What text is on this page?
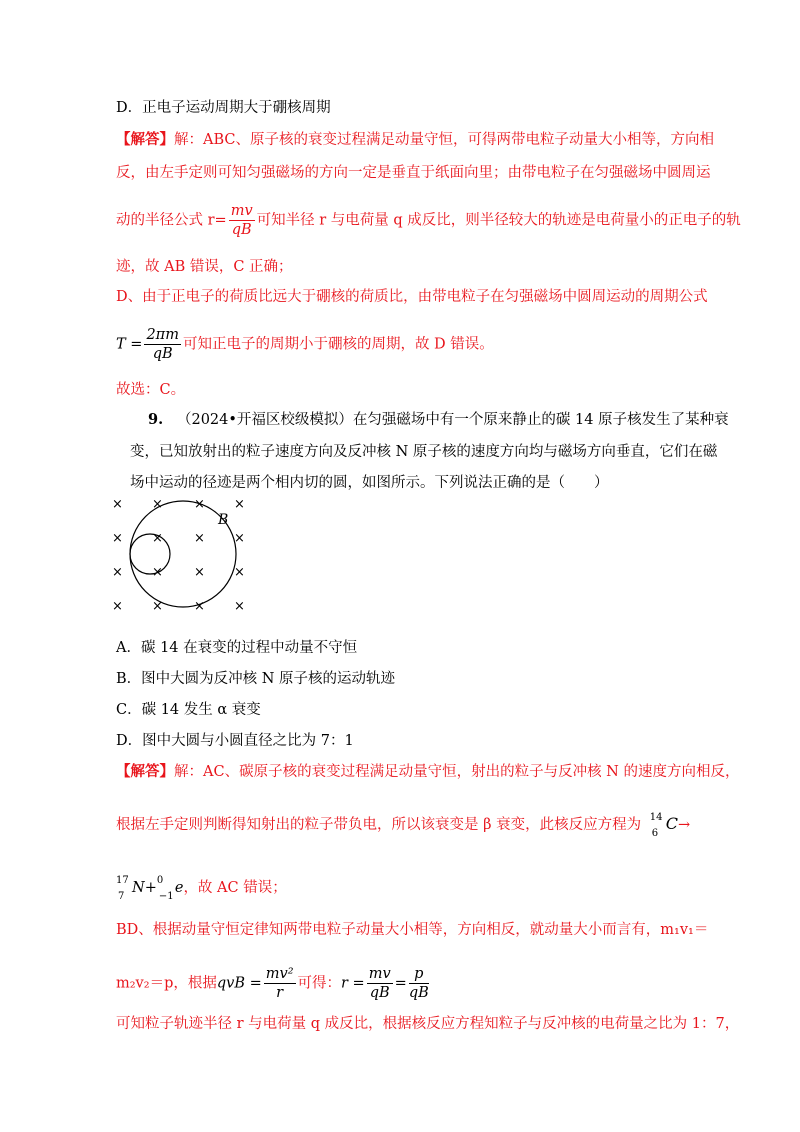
D．正电子运动周期大于硼核周期
【解答】解：ABC、原子核的衰变过程满足动量守恒，可得两带电粒子动量大小相等，方向相
反，由左手定则可知匀强磁场的方向一定是垂直于纸面向里；由带电粒子在匀强磁场中圆周运
动的半径公式 $r= \frac{mv}{qB}$ 可知半径 r 与电荷量 q 成反比，则半径较大的轨迹是电荷量小的正电子的轨
迹，故 AB 错误，C 正确；
D、由于正电子的荷质比远大于硼核的荷质比，由带电粒子在匀强磁场中圆周运动的周期公式
$T = \frac{2\pi m}{qB}$ 可知正电子的周期小于硼核的周期，故 D 错误。
故选：C。
9. （2024•开福区校级模拟）在匀强磁场中有一个原来静止的碳 14 原子核发生了某种衰
变，已知放射出的粒子速度方向及反冲核 N 原子核的速度方向均与磁场方向垂直，它们在磁
场中运动的径迹是两个相内切的圆，如图所示。下列说法正确的是（　　）
× × × ×
× × × ×
× × × ×
× × × ×
B
A．碳 14 在衰变的过程中动量不守恒
B．图中大圆为反冲核 N 原子核的运动轨迹
C．碳 14 发生 α 衰变
D．图中大圆与小圆直径之比为 7：1
【解答】解：AC、碳原子核的衰变过程满足动量守恒，射出的粒子与反冲核 N 的速度方向相反，
根据左手定则判断得知射出的粒子带负电，所以该衰变是 β 衰变，此核反应方程为 14
6
C→
17
7
N+ 0
−1
e，故 AC 错误；
BD、根据动量守恒定律知两带电粒子动量大小相等，方向相反，就动量大小而言有，m₁v₁＝
m₂v₂＝p，根据qvB = $\frac{\text{mv²}}{r}$ 可得：$r = \frac{mv}{qB} = \frac{p}{qB}$
可知粒子轨迹半径 r 与电荷量 q 成反比，根据核反应方程知粒子与反冲核的电荷量之比为 1：7，
